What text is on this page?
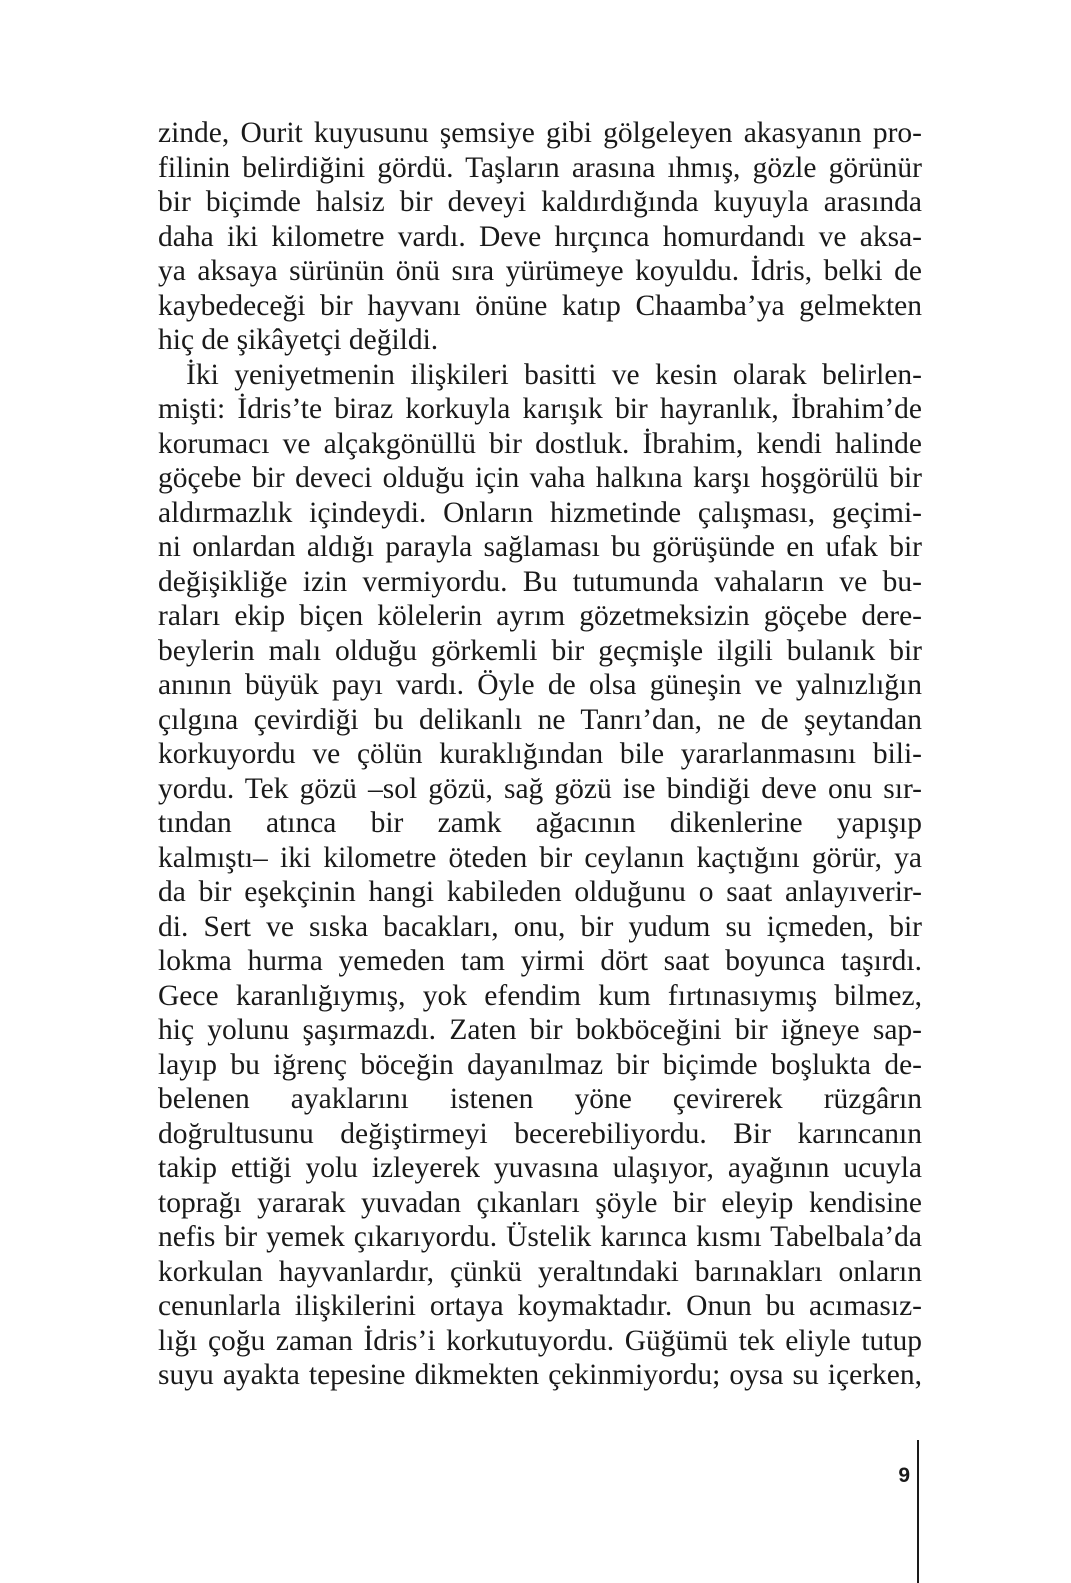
zinde, Ourit kuyusunu şemsiye gibi gölgeleyen akasyanın pro-
filinin belirdiğini gördü. Taşların arasına ıhmış, gözle görünür
bir biçimde halsiz bir deveyi kaldırdığında kuyuyla arasında
daha iki kilometre vardı. Deve hırçınca homurdandı ve aksa-
ya aksaya sürünün önü sıra yürümeye koyuldu. İdris, belki de
kaybedeceği bir hayvanı önüne katıp Chaamba’ya gelmekten
hiç de şikâyetçi değildi.
İki yeniyetmenin ilişkileri basitti ve kesin olarak belirlen-
mişti: İdris’te biraz korkuyla karışık bir hayranlık, İbrahim’de
korumacı ve alçakgönüllü bir dostluk. İbrahim, kendi halinde
göçebe bir deveci olduğu için vaha halkına karşı hoşgörülü bir
aldırmazlık içindeydi. Onların hizmetinde çalışması, geçimi-
ni onlardan aldığı parayla sağlaması bu görüşünde en ufak bir
değişikliğe izin vermiyordu. Bu tutumunda vahaların ve bu-
raları ekip biçen kölelerin ayrım gözetmeksizin göçebe dere-
beylerin malı olduğu görkemli bir geçmişle ilgili bulanık bir
anının büyük payı vardı. Öyle de olsa güneşin ve yalnızlığın
çılgına çevirdiği bu delikanlı ne Tanrı’dan, ne de şeytandan
korkuyordu ve çölün kuraklığından bile yararlanmasını bili-
yordu. Tek gözü –sol gözü, sağ gözü ise bindiği deve onu sır-
tından atınca bir zamk ağacının dikenlerine yapışıp
kalmıştı– iki kilometre öteden bir ceylanın kaçtığını görür, ya
da bir eşekçinin hangi kabileden olduğunu o saat anlayıverir-
di. Sert ve sıska bacakları, onu, bir yudum su içmeden, bir
lokma hurma yemeden tam yirmi dört saat boyunca taşırdı.
Gece karanlığıymış, yok efendim kum fırtınasıymış bilmez,
hiç yolunu şaşırmazdı. Zaten bir bokböceğini bir iğneye sap-
layıp bu iğrenç böceğin dayanılmaz bir biçimde boşlukta de-
belenen ayaklarını istenen yöne çevirerek rüzgârın
doğrultusunu değiştirmeyi becerebiliyordu. Bir karıncanın
takip ettiği yolu izleyerek yuvasına ulaşıyor, ayağının ucuyla
toprağı yararak yuvadan çıkanları şöyle bir eleyip kendisine
nefis bir yemek çıkarıyordu. Üstelik karınca kısmı Tabelbala’da
korkulan hayvanlardır, çünkü yeraltındaki barınakları onların
cenunlarla ilişkilerini ortaya koymaktadır. Onun bu acımasız-
lığı çoğu zaman İdris’i korkutuyordu. Güğümü tek eliyle tutup
suyu ayakta tepesine dikmekten çekinmiyordu; oysa su içerken,
9
